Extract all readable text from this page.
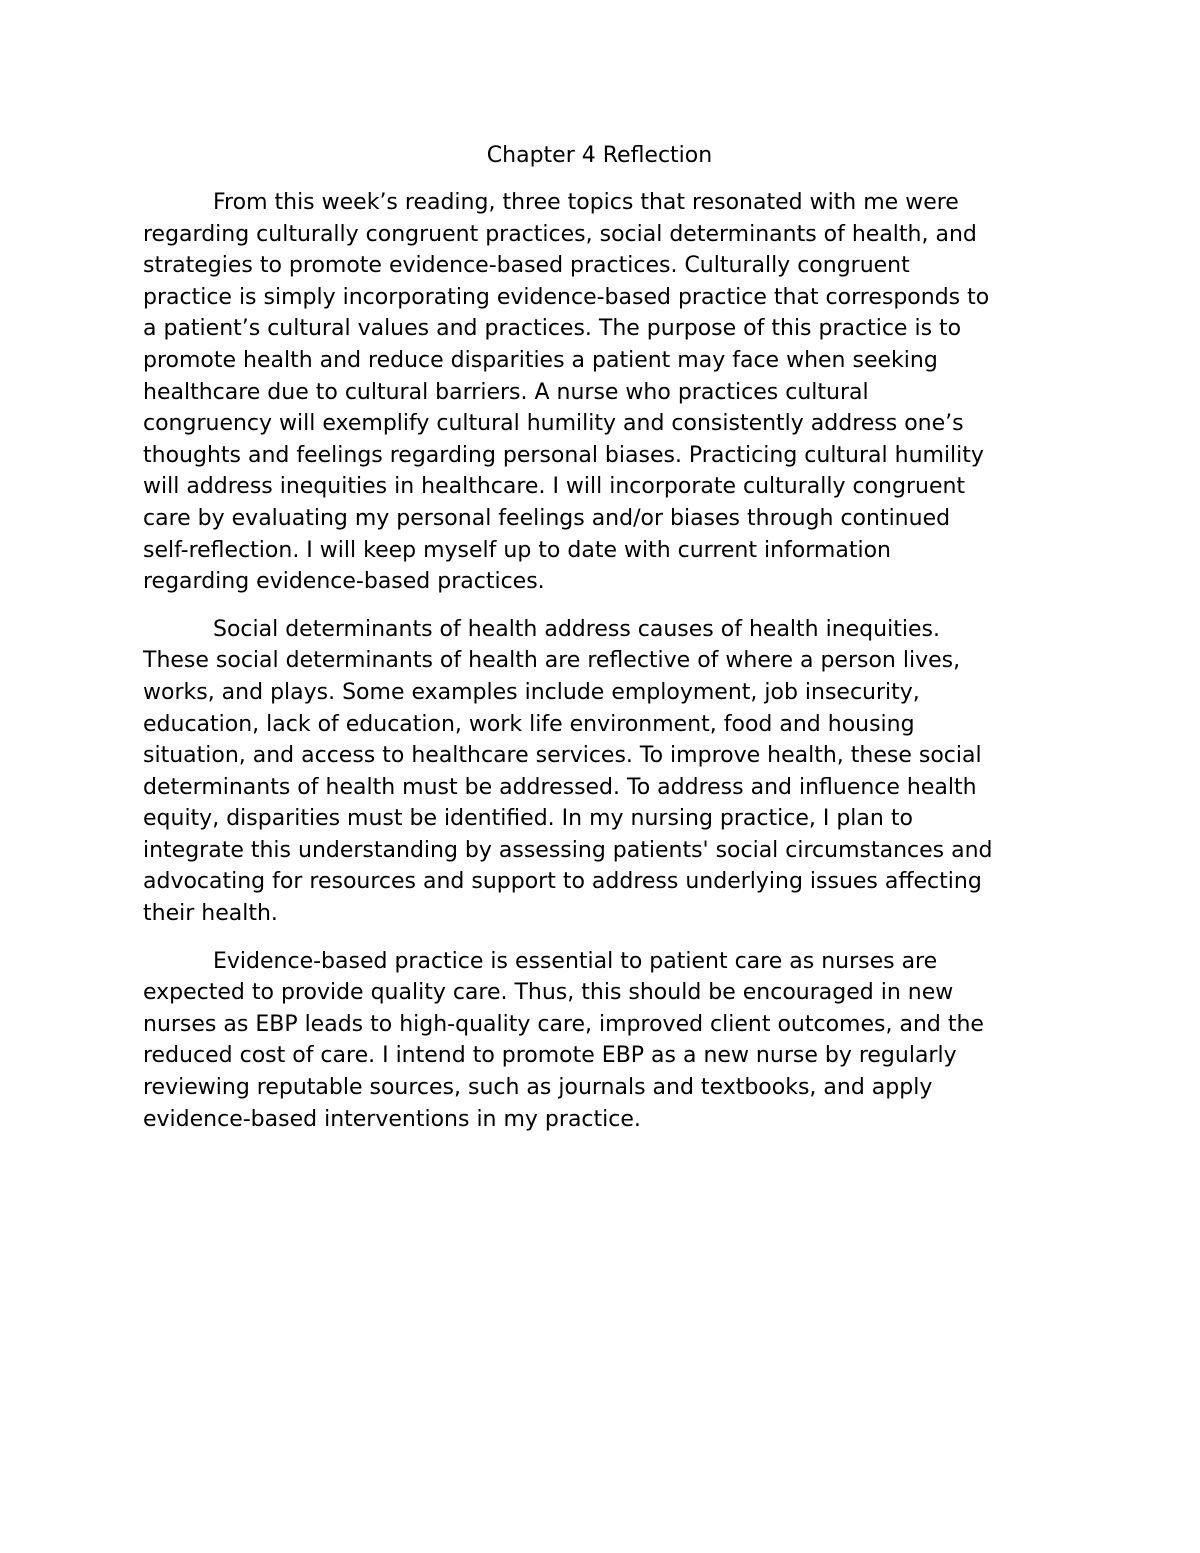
Chapter 4 Reflection

From this week’s reading, three topics that resonated with me were
regarding culturally congruent practices, social determinants of health, and
strategies to promote evidence-based practices. Culturally congruent
practice is simply incorporating evidence-based practice that corresponds to
a patient’s cultural values and practices. The purpose of this practice is to
promote health and reduce disparities a patient may face when seeking
healthcare due to cultural barriers. A nurse who practices cultural
congruency will exemplify cultural humility and consistently address one’s
thoughts and feelings regarding personal biases. Practicing cultural humility
will address inequities in healthcare. I will incorporate culturally congruent
care by evaluating my personal feelings and/or biases through continued
self-reflection. I will keep myself up to date with current information
regarding evidence-based practices.

Social determinants of health address causes of health inequities.
These social determinants of health are reflective of where a person lives,
works, and plays. Some examples include employment, job insecurity,
education, lack of education, work life environment, food and housing
situation, and access to healthcare services. To improve health, these social
determinants of health must be addressed. To address and influence health
equity, disparities must be identified. In my nursing practice, I plan to
integrate this understanding by assessing patients' social circumstances and
advocating for resources and support to address underlying issues affecting
their health.

Evidence-based practice is essential to patient care as nurses are
expected to provide quality care. Thus, this should be encouraged in new
nurses as EBP leads to high-quality care, improved client outcomes, and the
reduced cost of care. I intend to promote EBP as a new nurse by regularly
reviewing reputable sources, such as journals and textbooks, and apply
evidence-based interventions in my practice.
